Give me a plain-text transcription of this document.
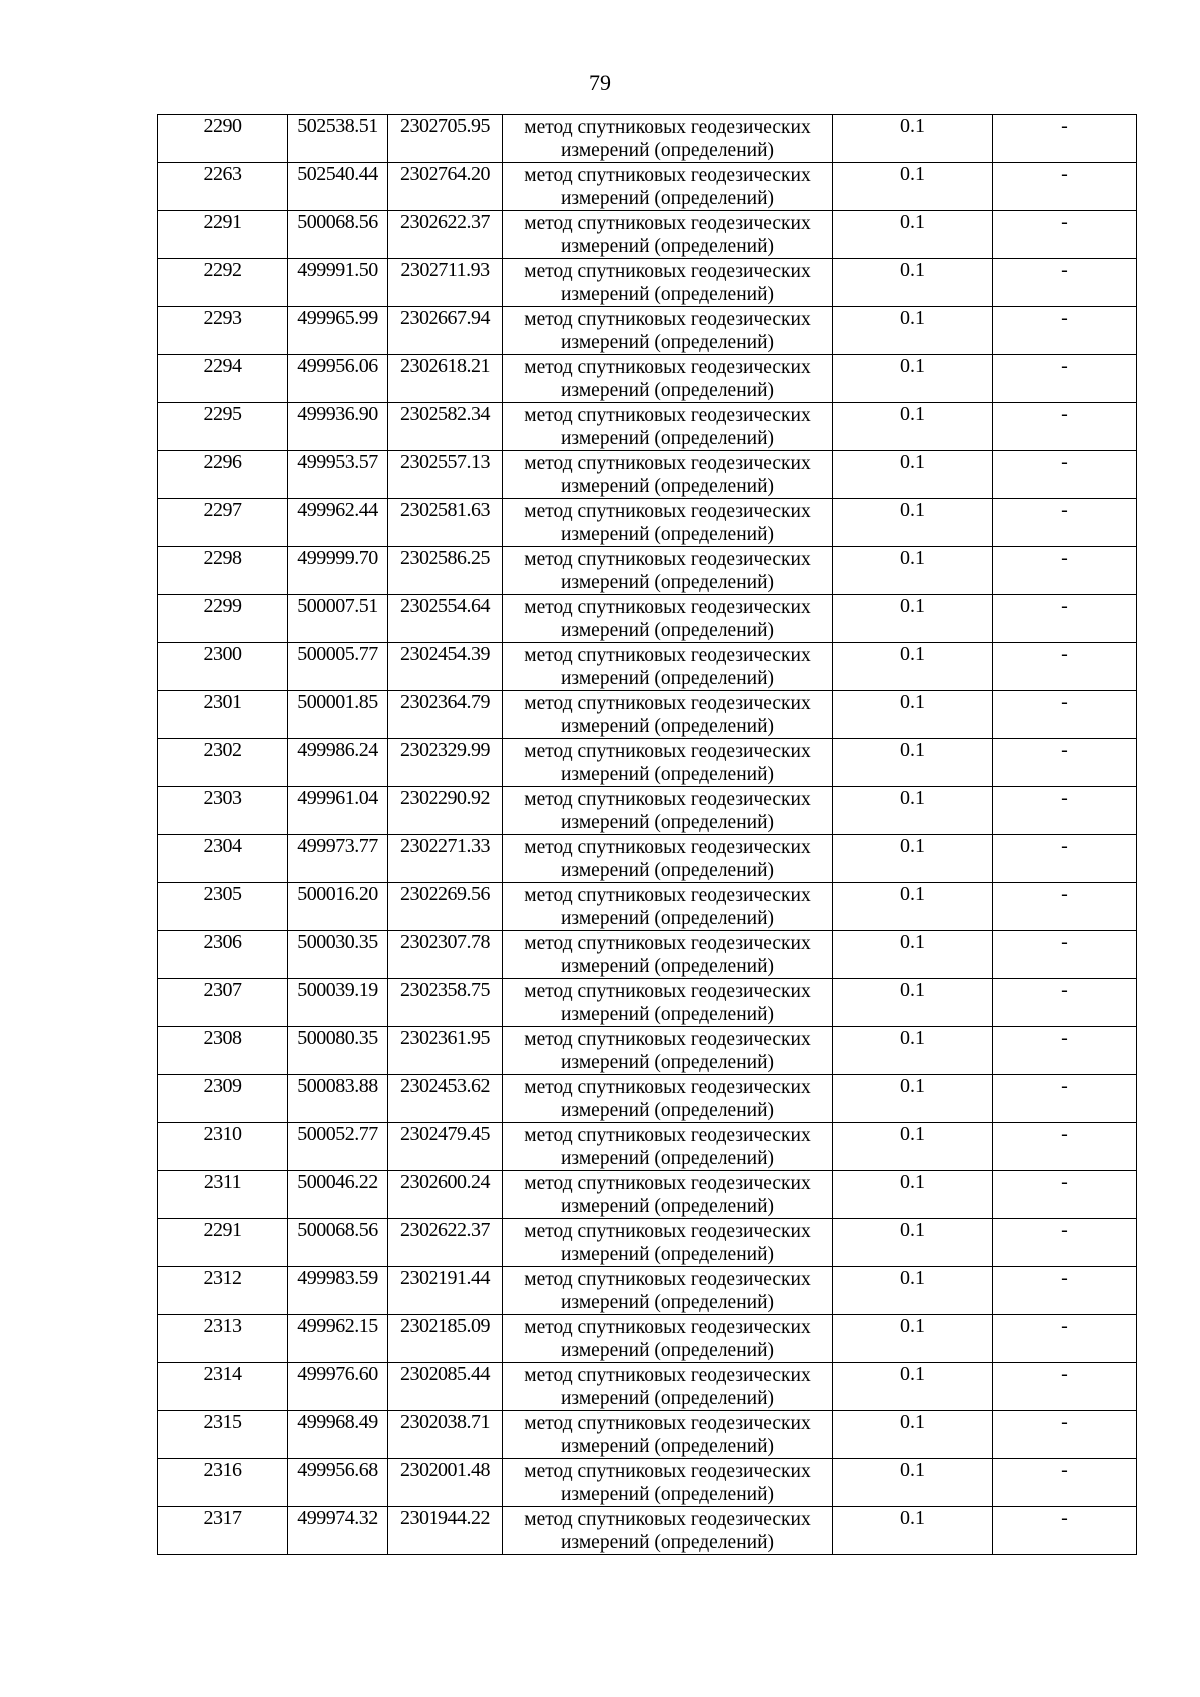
79
2290	502538.51	2302705.95	метод спутниковых геодезических измерений (определений)	0.1	-
2263	502540.44	2302764.20	метод спутниковых геодезических измерений (определений)	0.1	-
2291	500068.56	2302622.37	метод спутниковых геодезических измерений (определений)	0.1	-
2292	499991.50	2302711.93	метод спутниковых геодезических измерений (определений)	0.1	-
2293	499965.99	2302667.94	метод спутниковых геодезических измерений (определений)	0.1	-
2294	499956.06	2302618.21	метод спутниковых геодезических измерений (определений)	0.1	-
2295	499936.90	2302582.34	метод спутниковых геодезических измерений (определений)	0.1	-
2296	499953.57	2302557.13	метод спутниковых геодезических измерений (определений)	0.1	-
2297	499962.44	2302581.63	метод спутниковых геодезических измерений (определений)	0.1	-
2298	499999.70	2302586.25	метод спутниковых геодезических измерений (определений)	0.1	-
2299	500007.51	2302554.64	метод спутниковых геодезических измерений (определений)	0.1	-
2300	500005.77	2302454.39	метод спутниковых геодезических измерений (определений)	0.1	-
2301	500001.85	2302364.79	метод спутниковых геодезических измерений (определений)	0.1	-
2302	499986.24	2302329.99	метод спутниковых геодезических измерений (определений)	0.1	-
2303	499961.04	2302290.92	метод спутниковых геодезических измерений (определений)	0.1	-
2304	499973.77	2302271.33	метод спутниковых геодезических измерений (определений)	0.1	-
2305	500016.20	2302269.56	метод спутниковых геодезических измерений (определений)	0.1	-
2306	500030.35	2302307.78	метод спутниковых геодезических измерений (определений)	0.1	-
2307	500039.19	2302358.75	метод спутниковых геодезических измерений (определений)	0.1	-
2308	500080.35	2302361.95	метод спутниковых геодезических измерений (определений)	0.1	-
2309	500083.88	2302453.62	метод спутниковых геодезических измерений (определений)	0.1	-
2310	500052.77	2302479.45	метод спутниковых геодезических измерений (определений)	0.1	-
2311	500046.22	2302600.24	метод спутниковых геодезических измерений (определений)	0.1	-
2291	500068.56	2302622.37	метод спутниковых геодезических измерений (определений)	0.1	-
2312	499983.59	2302191.44	метод спутниковых геодезических измерений (определений)	0.1	-
2313	499962.15	2302185.09	метод спутниковых геодезических измерений (определений)	0.1	-
2314	499976.60	2302085.44	метод спутниковых геодезических измерений (определений)	0.1	-
2315	499968.49	2302038.71	метод спутниковых геодезических измерений (определений)	0.1	-
2316	499956.68	2302001.48	метод спутниковых геодезических измерений (определений)	0.1	-
2317	499974.32	2301944.22	метод спутниковых геодезических измерений (определений)	0.1	-
